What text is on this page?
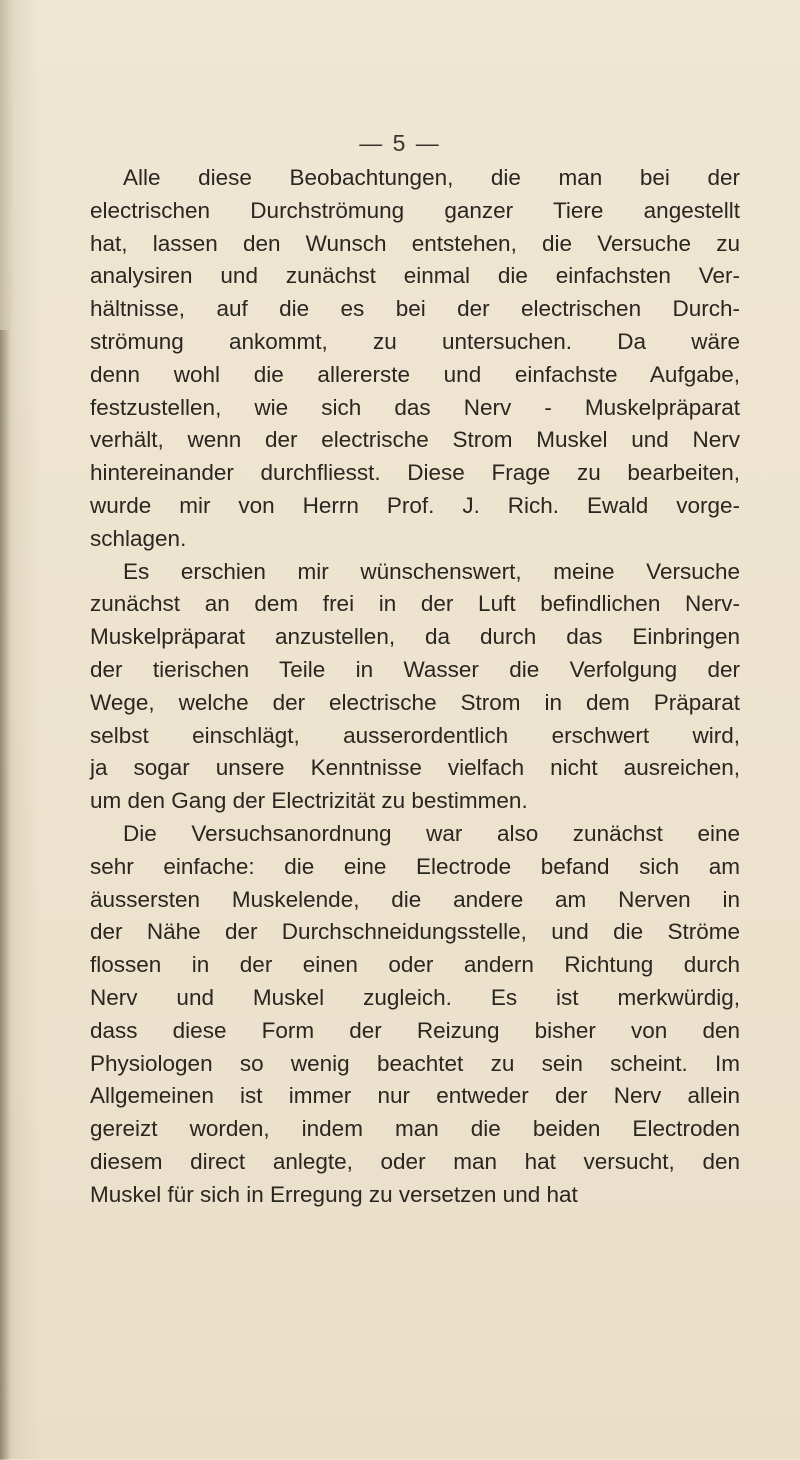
— 5 —
Alle diese Beobachtungen, die man bei der
electrischen Durchströmung ganzer Tiere angestellt
hat, lassen den Wunsch entstehen, die Versuche zu
analysiren und zunächst einmal die einfachsten Ver-
hältnisse, auf die es bei der electrischen Durch-
strömung ankommt, zu untersuchen. Da wäre
denn wohl die allererste und einfachste Aufgabe,
festzustellen, wie sich das Nerv - Muskelpräparat
verhält, wenn der electrische Strom Muskel und Nerv
hintereinander durchfliesst. Diese Frage zu bearbeiten,
wurde mir von Herrn Prof. J. Rich. Ewald vorge-
schlagen.
Es erschien mir wünschenswert, meine Versuche
zunächst an dem frei in der Luft befindlichen Nerv-
Muskelpräparat anzustellen, da durch das Einbringen
der tierischen Teile in Wasser die Verfolgung der
Wege, welche der electrische Strom in dem Präparat
selbst einschlägt, ausserordentlich erschwert wird,
ja sogar unsere Kenntnisse vielfach nicht ausreichen,
um den Gang der Electrizität zu bestimmen.
Die Versuchsanordnung war also zunächst eine
sehr einfache: die eine Electrode befand sich am
äussersten Muskelende, die andere am Nerven in
der Nähe der Durchschneidungsstelle, und die Ströme
flossen in der einen oder andern Richtung durch
Nerv und Muskel zugleich. Es ist merkwürdig,
dass diese Form der Reizung bisher von den
Physiologen so wenig beachtet zu sein scheint. Im
Allgemeinen ist immer nur entweder der Nerv allein
gereizt worden, indem man die beiden Electroden
diesem direct anlegte, oder man hat versucht, den
Muskel für sich in Erregung zu versetzen und hat
